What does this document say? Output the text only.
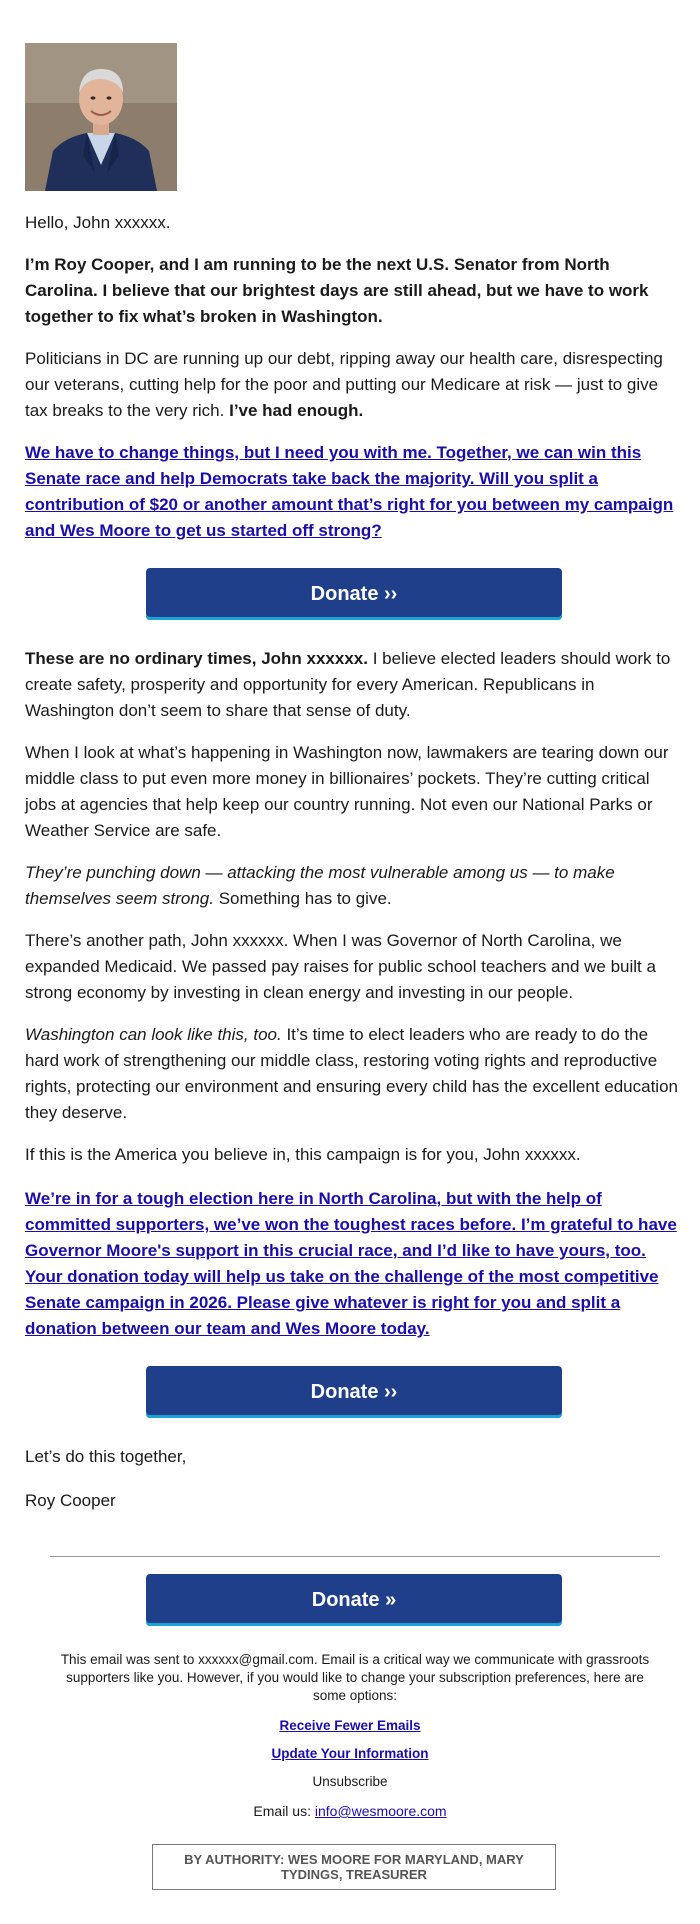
Hello, John xxxxxx.

I’m Roy Cooper, and I am running to be the next U.S. Senator from North Carolina. I believe that our brightest days are still ahead, but we have to work together to fix what’s broken in Washington.

Politicians in DC are running up our debt, ripping away our health care, disrespecting our veterans, cutting help for the poor and putting our Medicare at risk — just to give tax breaks to the very rich. I’ve had enough.

We have to change things, but I need you with me. Together, we can win this Senate race and help Democrats take back the majority. Will you split a contribution of $20 or another amount that’s right for you between my campaign and Wes Moore to get us started off strong?

Donate ››

These are no ordinary times, John xxxxxx. I believe elected leaders should work to create safety, prosperity and opportunity for every American. Republicans in Washington don’t seem to share that sense of duty.

When I look at what’s happening in Washington now, lawmakers are tearing down our middle class to put even more money in billionaires’ pockets. They’re cutting critical jobs at agencies that help keep our country running. Not even our National Parks or Weather Service are safe.

They’re punching down — attacking the most vulnerable among us — to make themselves seem strong. Something has to give.

There’s another path, John xxxxxx. When I was Governor of North Carolina, we expanded Medicaid. We passed pay raises for public school teachers and we built a strong economy by investing in clean energy and investing in our people.

Washington can look like this, too. It’s time to elect leaders who are ready to do the hard work of strengthening our middle class, restoring voting rights and reproductive rights, protecting our environment and ensuring every child has the excellent education they deserve.

If this is the America you believe in, this campaign is for you, John xxxxxx.

We’re in for a tough election here in North Carolina, but with the help of committed supporters, we’ve won the toughest races before. I’m grateful to have Governor Moore's support in this crucial race, and I’d like to have yours, too. Your donation today will help us take on the challenge of the most competitive Senate campaign in 2026. Please give whatever is right for you and split a donation between our team and Wes Moore today.

Donate ››

Let’s do this together,

Roy Cooper

Donate »

This email was sent to xxxxxx@gmail.com. Email is a critical way we communicate with grassroots supporters like you. However, if you would like to change your subscription preferences, here are some options:

Receive Fewer Emails
Update Your Information
Unsubscribe
Email us: info@wesmoore.com
BY AUTHORITY: WES MOORE FOR MARYLAND, MARY TYDINGS, TREASURER
